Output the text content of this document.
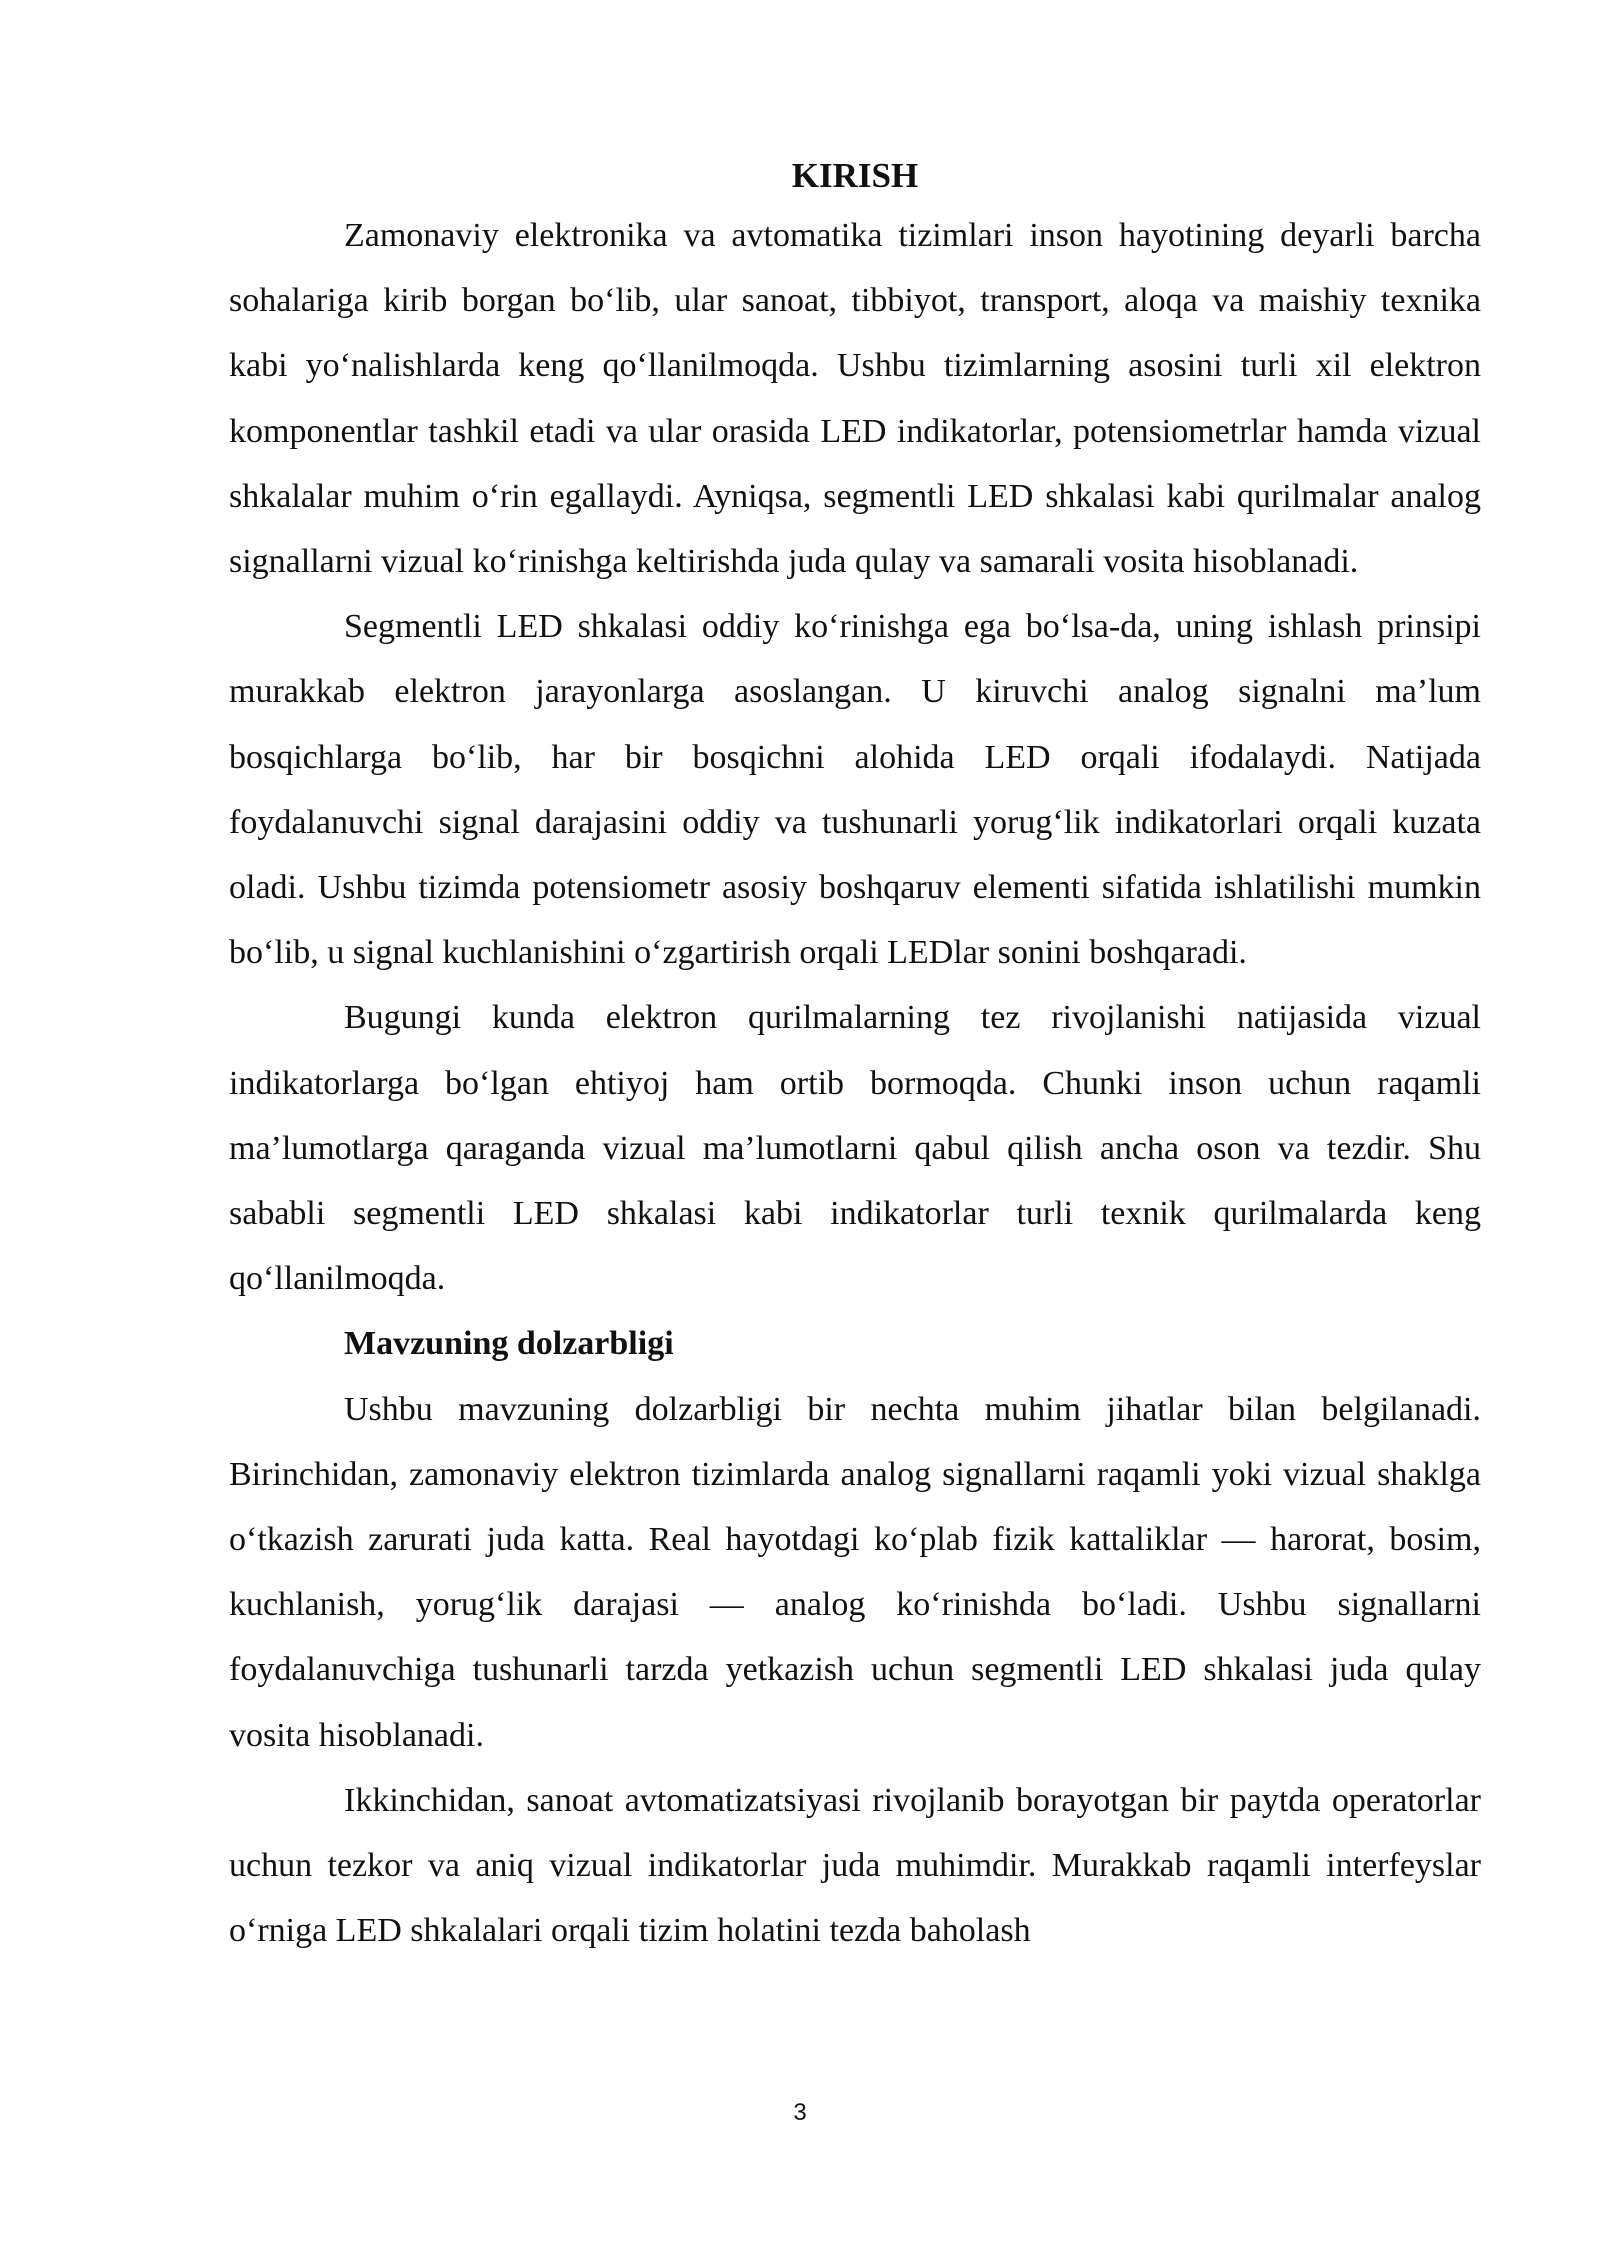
KIRISH

Zamonaviy elektronika va avtomatika tizimlari inson hayotining deyarli barcha sohalariga kirib borgan bo‘lib, ular sanoat, tibbiyot, transport, aloqa va maishiy texnika kabi yo‘nalishlarda keng qo‘llanilmoqda. Ushbu tizimlarning asosini turli xil elektron komponentlar tashkil etadi va ular orasida LED indikatorlar, potensiometrlar hamda vizual shkalalar muhim o‘rin egallaydi. Ayniqsa, segmentli LED shkalasi kabi qurilmalar analog signallarni vizual ko‘rinishga keltirishda juda qulay va samarali vosita hisoblanadi.

Segmentli LED shkalasi oddiy ko‘rinishga ega bo‘lsa-da, uning ishlash prinsipi murakkab elektron jarayonlarga asoslangan. U kiruvchi analog signalni ma’lum bosqichlarga bo‘lib, har bir bosqichni alohida LED orqali ifodalaydi. Natijada foydalanuvchi signal darajasini oddiy va tushunarli yorug‘lik indikatorlari orqali kuzata oladi. Ushbu tizimda potensiometr asosiy boshqaruv elementi sifatida ishlatilishi mumkin bo‘lib, u signal kuchlanishini o‘zgartirish orqali LEDlar sonini boshqaradi.

Bugungi kunda elektron qurilmalarning tez rivojlanishi natijasida vizual indikatorlarga bo‘lgan ehtiyoj ham ortib bormoqda. Chunki inson uchun raqamli ma’lumotlarga qaraganda vizual ma’lumotlarni qabul qilish ancha oson va tezdir. Shu sababli segmentli LED shkalasi kabi indikatorlar turli texnik qurilmalarda keng qo‘llanilmoqda.

Mavzuning dolzarbligi

Ushbu mavzuning dolzarbligi bir nechta muhim jihatlar bilan belgilanadi. Birinchidan, zamonaviy elektron tizimlarda analog signallarni raqamli yoki vizual shaklga o‘tkazish zarurati juda katta. Real hayotdagi ko‘plab fizik kattaliklar — harorat, bosim, kuchlanish, yorug‘lik darajasi — analog ko‘rinishda bo‘ladi. Ushbu signallarni foydalanuvchiga tushunarli tarzda yetkazish uchun segmentli LED shkalasi juda qulay vosita hisoblanadi.

Ikkinchidan, sanoat avtomatizatsiyasi rivojlanib borayotgan bir paytda operatorlar uchun tezkor va aniq vizual indikatorlar juda muhimdir. Murakkab raqamli interfeyslar o‘rniga LED shkalalari orqali tizim holatini tezda baholash

3
